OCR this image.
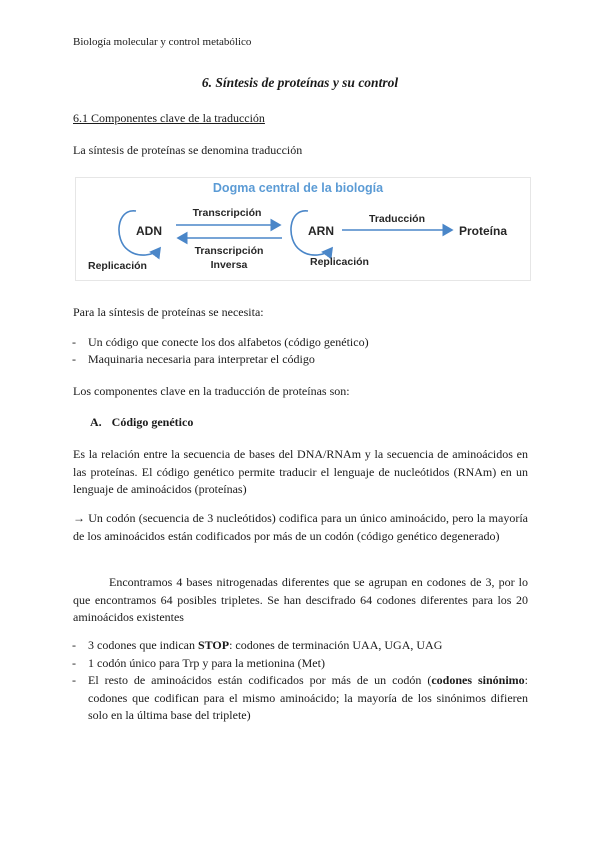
Biología molecular y control metabólico
6. Síntesis de proteínas y su control
6.1 Componentes clave de la traducción
La síntesis de proteínas se denomina traducción
Dogma central de la biología
ADN
Replicación
Transcripción
Transcripción
Inversa
ARN
Replicación
Traducción
Proteína
Para la síntesis de proteínas se necesita:
- Un código que conecte los dos alfabetos (código genético)
- Maquinaria necesaria para interpretar el código
Los componentes clave en la traducción de proteínas son:
A. Código genético
Es la relación entre la secuencia de bases del DNA/RNAm y la secuencia de aminoácidos en las proteínas. El código genético permite traducir el lenguaje de nucleótidos (RNAm) en un lenguaje de aminoácidos (proteínas)
→ Un codón (secuencia de 3 nucleótidos) codifica para un único aminoácido, pero la mayoría de los aminoácidos están codificados por más de un codón (código genético degenerado)
Encontramos 4 bases nitrogenadas diferentes que se agrupan en codones de 3, por lo que encontramos 64 posibles tripletes. Se han descifrado 64 codones diferentes para los 20 aminoácidos existentes
- 3 codones que indican STOP: codones de terminación UAA, UGA, UAG
- 1 codón único para Trp y para la metionina (Met)
- El resto de aminoácidos están codificados por más de un codón (codones sinónimo: codones que codifican para el mismo aminoácido; la mayoría de los sinónimos difieren solo en la última base del triplete)
